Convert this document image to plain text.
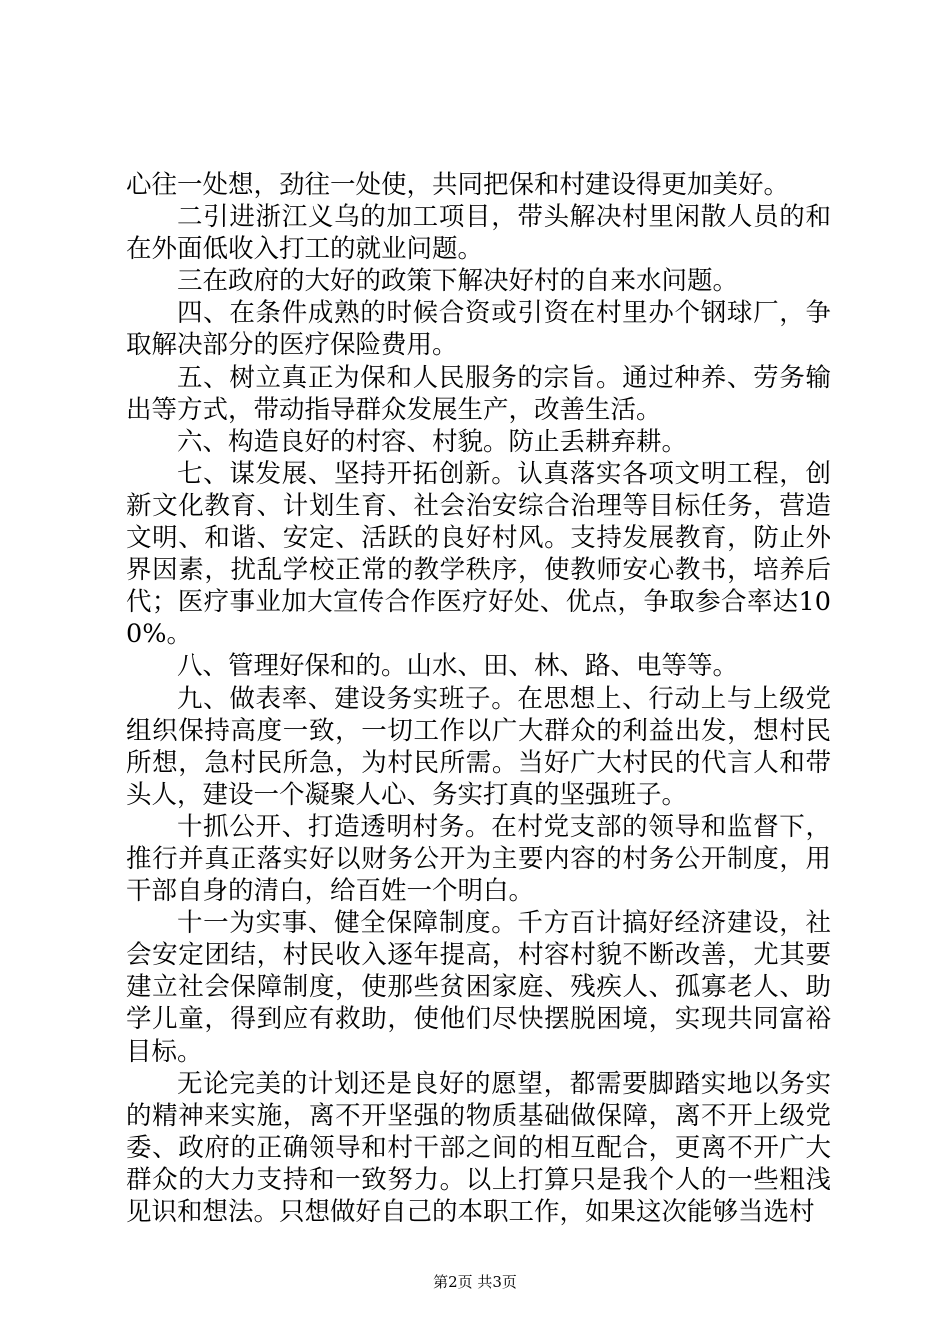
心往一处想，劲往一处使，共同把保和村建设得更加美好。

二引进浙江义乌的加工项目，带头解决村里闲散人员的和在外面低收入打工的就业问题。

三在政府的大好的政策下解决好村的自来水问题。

四、在条件成熟的时候合资或引资在村里办个钢球厂，争取解决部分的医疗保险费用。

五、树立真正为保和人民服务的宗旨。通过种养、劳务输出等方式，带动指导群众发展生产，改善生活。

六、构造良好的村容、村貌。防止丢耕弃耕。

七、谋发展、坚持开拓创新。认真落实各项文明工程，创新文化教育、计划生育、社会治安综合治理等目标任务，营造文明、和谐、安定、活跃的良好村风。支持发展教育，防止外界因素，扰乱学校正常的教学秩序，使教师安心教书，培养后代；医疗事业加大宣传合作医疗好处、优点，争取参合率达100%。

八、管理好保和的。山水、田、林、路、电等等。

九、做表率、建设务实班子。在思想上、行动上与上级党组织保持高度一致，一切工作以广大群众的利益出发，想村民所想，急村民所急，为村民所需。当好广大村民的代言人和带头人，建设一个凝聚人心、务实打真的坚强班子。

十抓公开、打造透明村务。在村党支部的领导和监督下，推行并真正落实好以财务公开为主要内容的村务公开制度，用干部自身的清白，给百姓一个明白。

十一为实事、健全保障制度。千方百计搞好经济建设，社会安定团结，村民收入逐年提高，村容村貌不断改善，尤其要建立社会保障制度，使那些贫困家庭、残疾人、孤寡老人、助学儿童，得到应有救助，使他们尽快摆脱困境，实现共同富裕目标。

无论完美的计划还是良好的愿望，都需要脚踏实地以务实的精神来实施，离不开坚强的物质基础做保障，离不开上级党委、政府的正确领导和村干部之间的相互配合，更离不开广大群众的大力支持和一致努力。以上打算只是我个人的一些粗浅见识和想法。只想做好自己的本职工作，如果这次能够当选村

第2页 共3页
